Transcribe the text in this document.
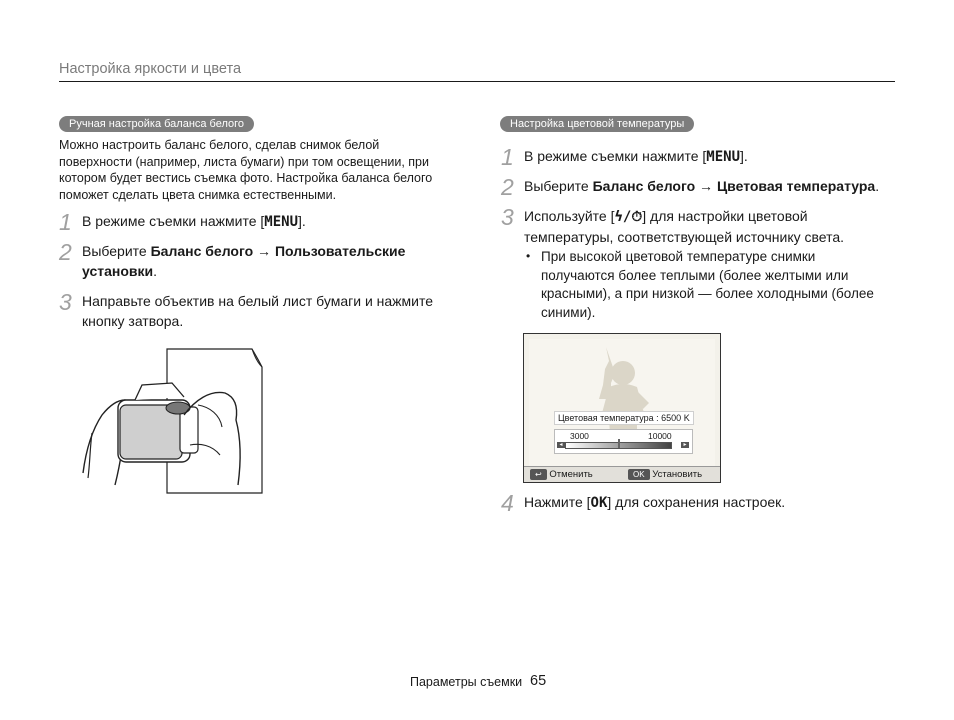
Настройка яркости и цвета
Ручная настройка баланса белого
Можно настроить баланс белого, сделав снимок белой поверхности (например, листа бумаги) при том освещении, при котором будет вестись съемка фото. Настройка баланса белого поможет сделать цвета снимка естественными.
1 В режиме съемки нажмите [MENU].
2 Выберите Баланс белого → Пользовательские установки.
3 Направьте объектив на белый лист бумаги и нажмите кнопку затвора.
Настройка цветовой температуры
1 В режиме съемки нажмите [MENU].
2 Выберите Баланс белого → Цветовая температура.
3 Используйте [ϟ/⏱] для настройки цветовой температуры, соответствующей источнику света.
• При высокой цветовой температуре снимки получаются более теплыми (более желтыми или красными), а при низкой — более холодными (более синими).
Цветовая температура : 6500 K
3000	10000
◂	▸
↩ Отменить	OK Установить
4 Нажмите [OK] для сохранения настроек.
Параметры съемки 65
